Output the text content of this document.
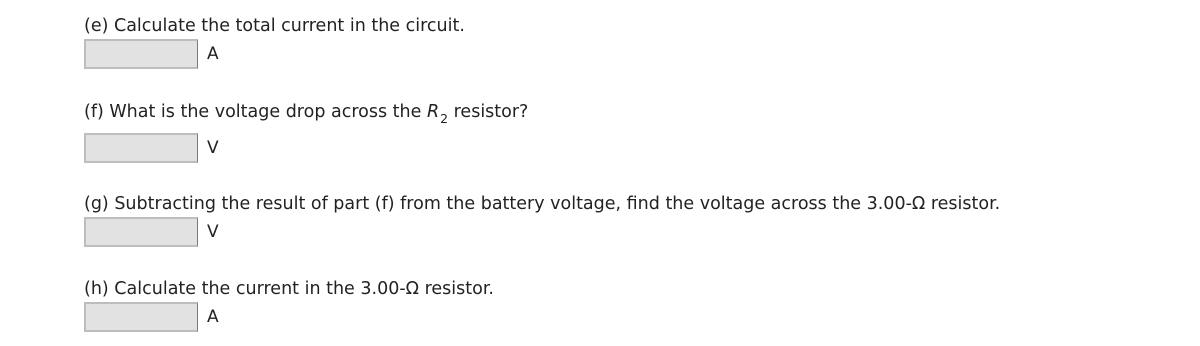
(e) Calculate the total current in the circuit.
A
(f) What is the voltage drop across the $R_2$ resistor?
V
(g) Subtracting the result of part (f) from the battery voltage, find the voltage across the 3.00-Ω resistor.
V
(h) Calculate the current in the 3.00-Ω resistor.
A
